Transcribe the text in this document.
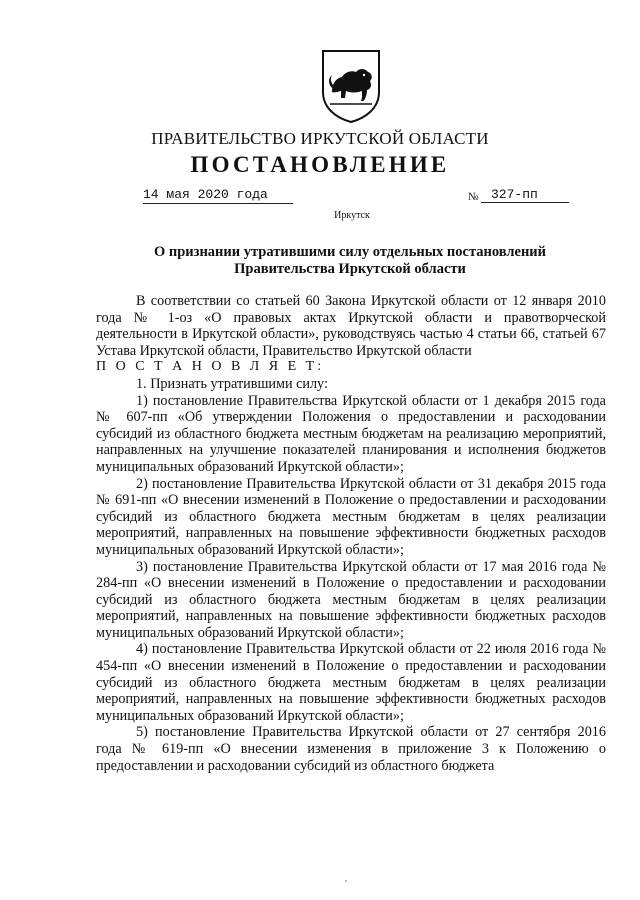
ПРАВИТЕЛЬСТВО ИРКУТСКОЙ ОБЛАСТИ
ПОСТАНОВЛЕНИЕ
14 мая 2020 года	№ 327-пп
Иркутск
О признании утратившими силу отдельных постановлений
Правительства Иркутской области

В соответствии со статьей 60 Закона Иркутской области от 12 января 2010 года № 1-оз «О правовых актах Иркутской области и правотворческой деятельности в Иркутской области», руководствуясь частью 4 статьи 66, статьей 67 Устава Иркутской области, Правительство Иркутской области

П О С Т А Н О В Л Я Е Т:

1. Признать утратившими силу:

1) постановление Правительства Иркутской области от 1 декабря 2015 года № 607-пп «Об утверждении Положения о предоставлении и расходовании субсидий из областного бюджета местным бюджетам на реализацию мероприятий, направленных на улучшение показателей планирования и исполнения бюджетов муниципальных образований Иркутской области»;

2) постановление Правительства Иркутской области от 31 декабря 2015 года № 691-пп «О внесении изменений в Положение о предоставлении и расходовании субсидий из областного бюджета местным бюджетам в целях реализации мероприятий, направленных на повышение эффективности бюджетных расходов муниципальных образований Иркутской области»;

3) постановление Правительства Иркутской области от 17 мая 2016 года № 284-пп «О внесении изменений в Положение о предоставлении и расходовании субсидий из областного бюджета местным бюджетам в целях реализации мероприятий, направленных на повышение эффективности бюджетных расходов муниципальных образований Иркутской области»;

4) постановление Правительства Иркутской области от 22 июля 2016 года № 454-пп «О внесении изменений в Положение о предоставлении и расходовании субсидий из областного бюджета местным бюджетам в целях реализации мероприятий, направленных на повышение эффективности бюджетных расходов муниципальных образований Иркутской области»;

5) постановление Правительства Иркутской области от 27 сентября 2016 года № 619-пп «О внесении изменения в приложение 3 к Положению о предоставлении и расходовании субсидий из областного бюджета
